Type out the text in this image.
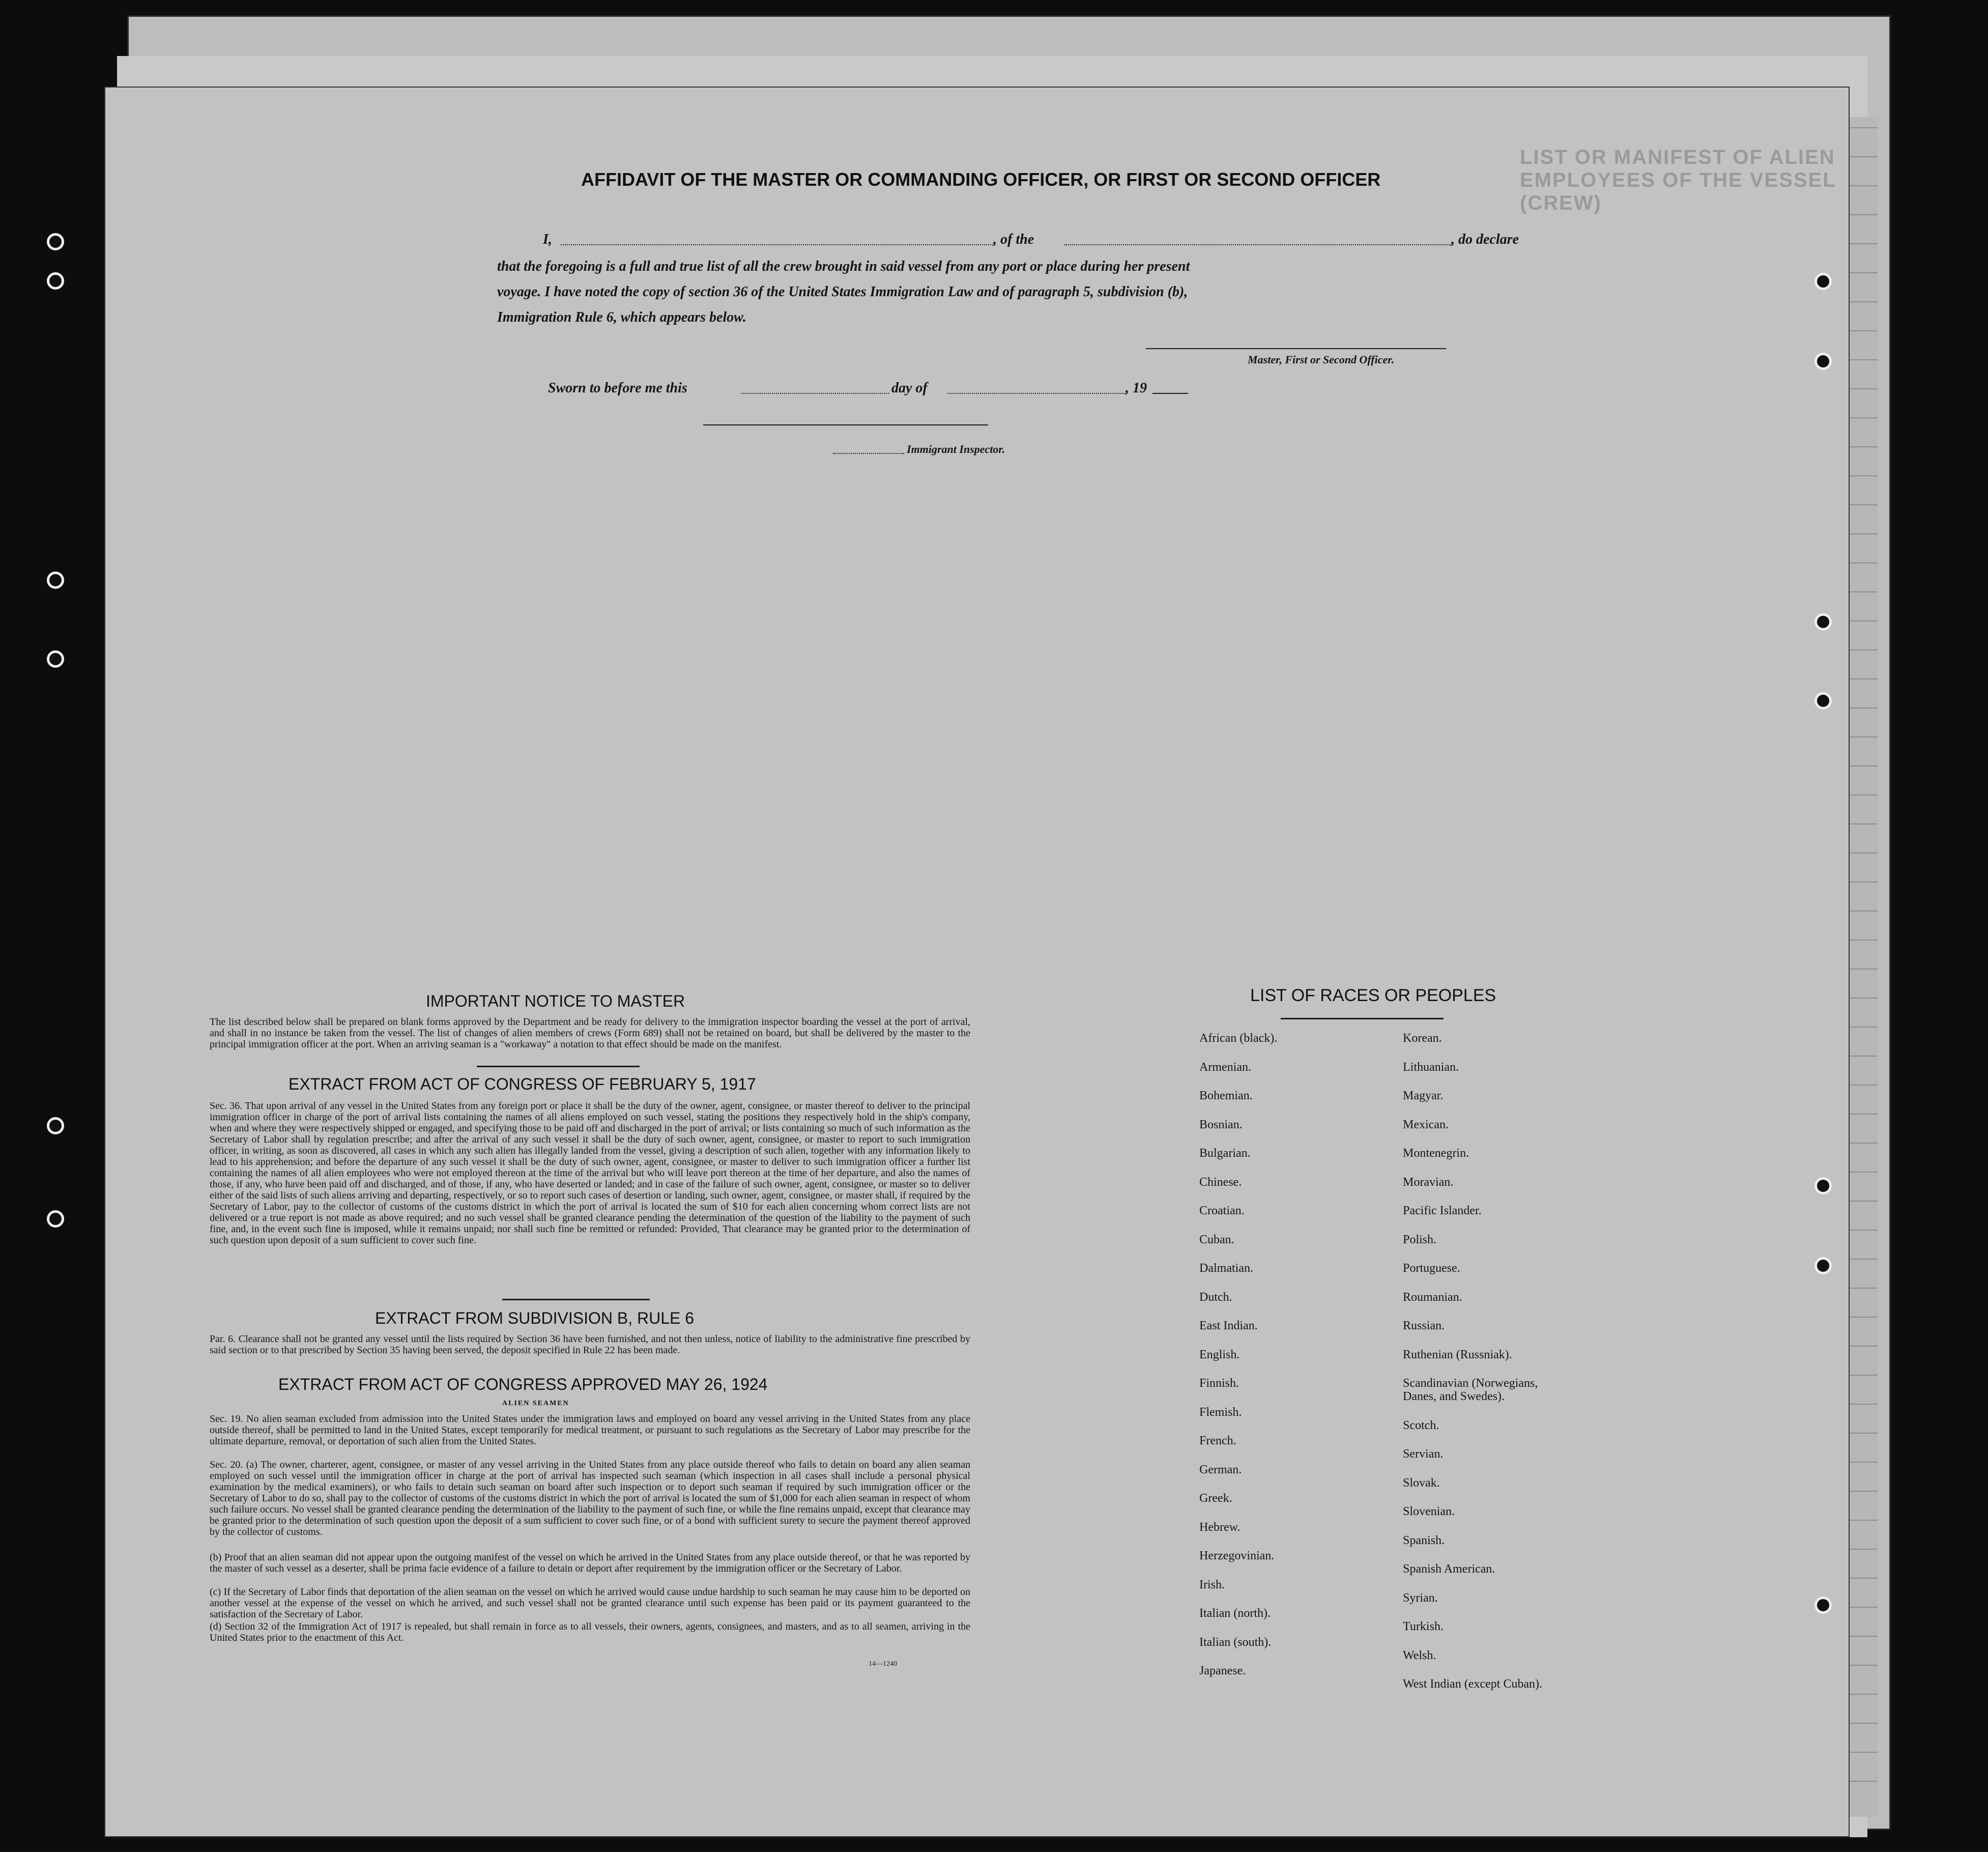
LIST OR MANIFEST OF ALIEN EMPLOYEES OF THE VESSEL (CREW)
AFFIDAVIT OF THE MASTER OR COMMANDING OFFICER, OR FIRST OR SECOND OFFICER
I,	, of the	, do declare
that the foregoing is a full and true list of all the crew brought in said vessel from any port or place during her present
voyage. I have noted the copy of section 36 of the United States Immigration Law and of paragraph 5, subdivision (b),
Immigration Rule 6, which appears below.
Master, First or Second Officer.
Sworn to before me this	day of	, 19
Immigrant Inspector.
IMPORTANT NOTICE TO MASTER

The list described below shall be prepared on blank forms approved by the Department and be ready for delivery to the immigration inspector boarding the vessel at the port of arrival, and shall in no instance be taken from the vessel. The list of changes of alien members of crews (Form 689) shall not be retained on board, but shall be delivered by the master to the principal immigration officer at the port. When an arriving seaman is a "workaway" a notation to that effect should be made on the manifest.

EXTRACT FROM ACT OF CONGRESS OF FEBRUARY 5, 1917

Sec. 36. That upon arrival of any vessel in the United States from any foreign port or place it shall be the duty of the owner, agent, consignee, or master thereof to deliver to the principal immigration officer in charge of the port of arrival lists containing the names of all aliens employed on such vessel, stating the positions they respectively hold in the ship's company, when and where they were respectively shipped or engaged, and specifying those to be paid off and discharged in the port of arrival; or lists containing so much of such information as the Secretary of Labor shall by regulation prescribe; and after the arrival of any such vessel it shall be the duty of such owner, agent, consignee, or master to report to such immigration officer, in writing, as soon as discovered, all cases in which any such alien has illegally landed from the vessel, giving a description of such alien, together with any information likely to lead to his apprehension; and before the departure of any such vessel it shall be the duty of such owner, agent, consignee, or master to deliver to such immigration officer a further list containing the names of all alien employees who were not employed thereon at the time of the arrival but who will leave port thereon at the time of her departure, and also the names of those, if any, who have been paid off and discharged, and of those, if any, who have deserted or landed; and in case of the failure of such owner, agent, consignee, or master so to deliver either of the said lists of such aliens arriving and departing, respectively, or so to report such cases of desertion or landing, such owner, agent, consignee, or master shall, if required by the Secretary of Labor, pay to the collector of customs of the customs district in which the port of arrival is located the sum of $10 for each alien concerning whom correct lists are not delivered or a true report is not made as above required; and no such vessel shall be granted clearance pending the determination of the question of the liability to the payment of such fine, and, in the event such fine is imposed, while it remains unpaid; nor shall such fine be remitted or refunded: Provided, That clearance may be granted prior to the determination of such question upon deposit of a sum sufficient to cover such fine.

EXTRACT FROM SUBDIVISION B, RULE 6

Par. 6. Clearance shall not be granted any vessel until the lists required by Section 36 have been furnished, and not then unless, notice of liability to the administrative fine prescribed by said section or to that prescribed by Section 35 having been served, the deposit specified in Rule 22 has been made.

EXTRACT FROM ACT OF CONGRESS APPROVED MAY 26, 1924
ALIEN SEAMEN

Sec. 19. No alien seaman excluded from admission into the United States under the immigration laws and employed on board any vessel arriving in the United States from any place outside thereof, shall be permitted to land in the United States, except temporarily for medical treatment, or pursuant to such regulations as the Secretary of Labor may prescribe for the ultimate departure, removal, or deportation of such alien from the United States.

Sec. 20. (a) The owner, charterer, agent, consignee, or master of any vessel arriving in the United States from any place outside thereof who fails to detain on board any alien seaman employed on such vessel until the immigration officer in charge at the port of arrival has inspected such seaman (which inspection in all cases shall include a personal physical examination by the medical examiners), or who fails to detain such seaman on board after such inspection or to deport such seaman if required by such immigration officer or the Secretary of Labor to do so, shall pay to the collector of customs of the customs district in which the port of arrival is located the sum of $1,000 for each alien seaman in respect of whom such failure occurs. No vessel shall be granted clearance pending the determination of the liability to the payment of such fine, or while the fine remains unpaid, except that clearance may be granted prior to the determination of such question upon the deposit of a sum sufficient to cover such fine, or of a bond with sufficient surety to secure the payment thereof approved by the collector of customs.

(b) Proof that an alien seaman did not appear upon the outgoing manifest of the vessel on which he arrived in the United States from any place outside thereof, or that he was reported by the master of such vessel as a deserter, shall be prima facie evidence of a failure to detain or deport after requirement by the immigration officer or the Secretary of Labor.

(c) If the Secretary of Labor finds that deportation of the alien seaman on the vessel on which he arrived would cause undue hardship to such seaman he may cause him to be deported on another vessel at the expense of the vessel on which he arrived, and such vessel shall not be granted clearance until such expense has been paid or its payment guaranteed to the satisfaction of the Secretary of Labor.

(d) Section 32 of the Immigration Act of 1917 is repealed, but shall remain in force as to all vessels, their owners, agents, consignees, and masters, and as to all seamen, arriving in the United States prior to the enactment of this Act.

14—1240
LIST OF RACES OR PEOPLES
African (black).
Armenian.
Bohemian.
Bosnian.
Bulgarian.
Chinese.
Croatian.
Cuban.
Dalmatian.
Dutch.
East Indian.
English.
Finnish.
Flemish.
French.
German.
Greek.
Hebrew.
Herzegovinian.
Irish.
Italian (north).
Italian (south).
Japanese.
Korean.
Lithuanian.
Magyar.
Mexican.
Montenegrin.
Moravian.
Pacific Islander.
Polish.
Portuguese.
Roumanian.
Russian.
Ruthenian (Russniak).
Scandinavian (Norwegians,
Danes, and Swedes).
Scotch.
Servian.
Slovak.
Slovenian.
Spanish.
Spanish American.
Syrian.
Turkish.
Welsh.
West Indian (except Cuban).
